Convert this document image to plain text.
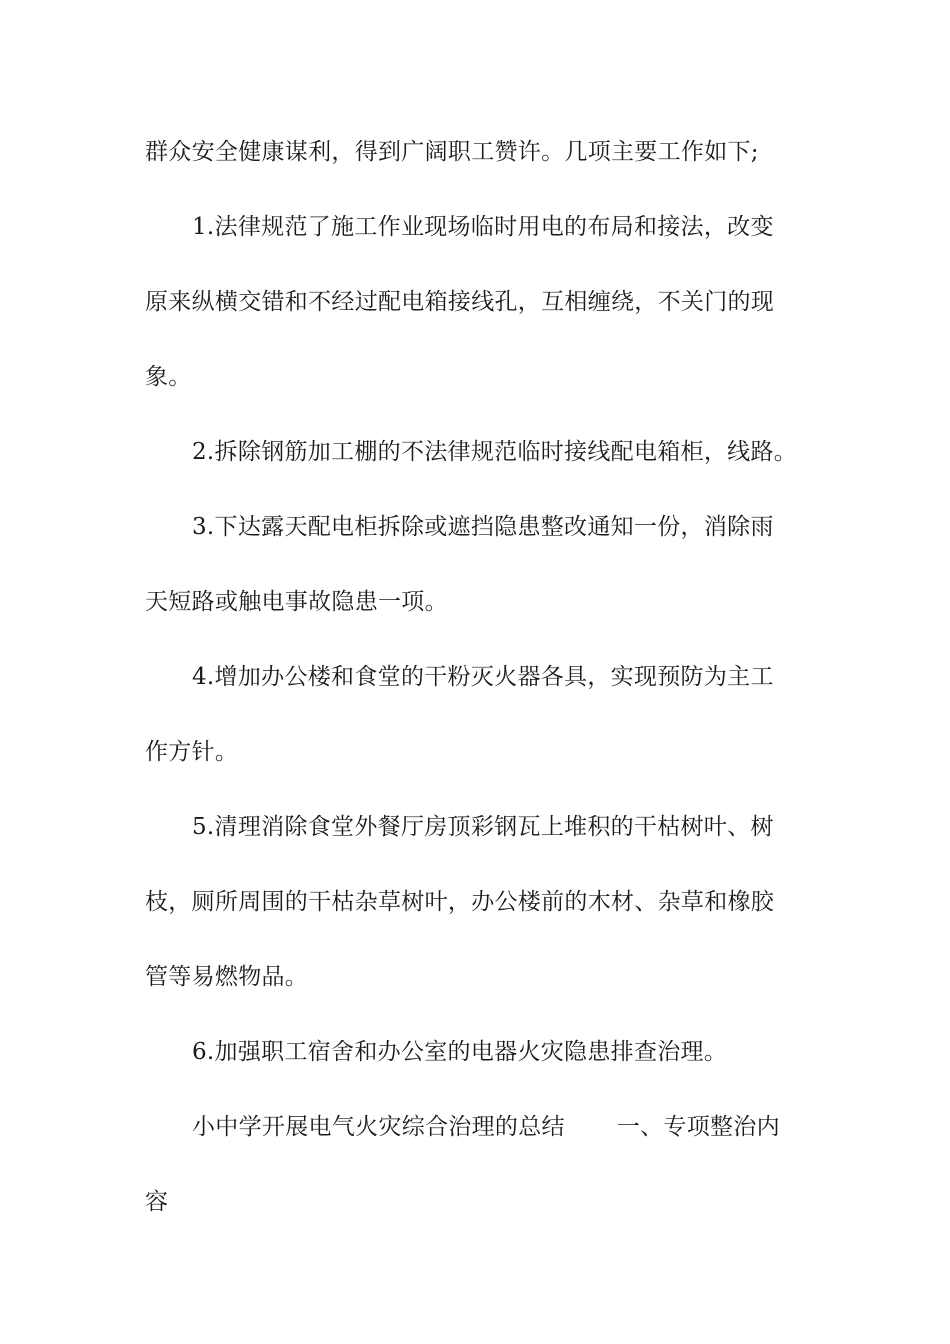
群众安全健康谋利，得到广阔职工赞许。几项主要工作如下;
1.法律规范了施工作业现场临时用电的布局和接法，改变
原来纵横交错和不经过配电箱接线孔，互相缠绕，不关门的现
象。
2.拆除钢筋加工棚的不法律规范临时接线配电箱柜，线路。
3.下达露天配电柜拆除或遮挡隐患整改通知一份，消除雨
天短路或触电事故隐患一项。
4.增加办公楼和食堂的干粉灭火器各具，实现预防为主工
作方针。
5.清理消除食堂外餐厅房顶彩钢瓦上堆积的干枯树叶、树
枝，厕所周围的干枯杂草树叶，办公楼前的木材、杂草和橡胶
管等易燃物品。
6.加强职工宿舍和办公室的电器火灾隐患排查治理。
小中学开展电气火灾综合治理的总结 一、专项整治内
容
